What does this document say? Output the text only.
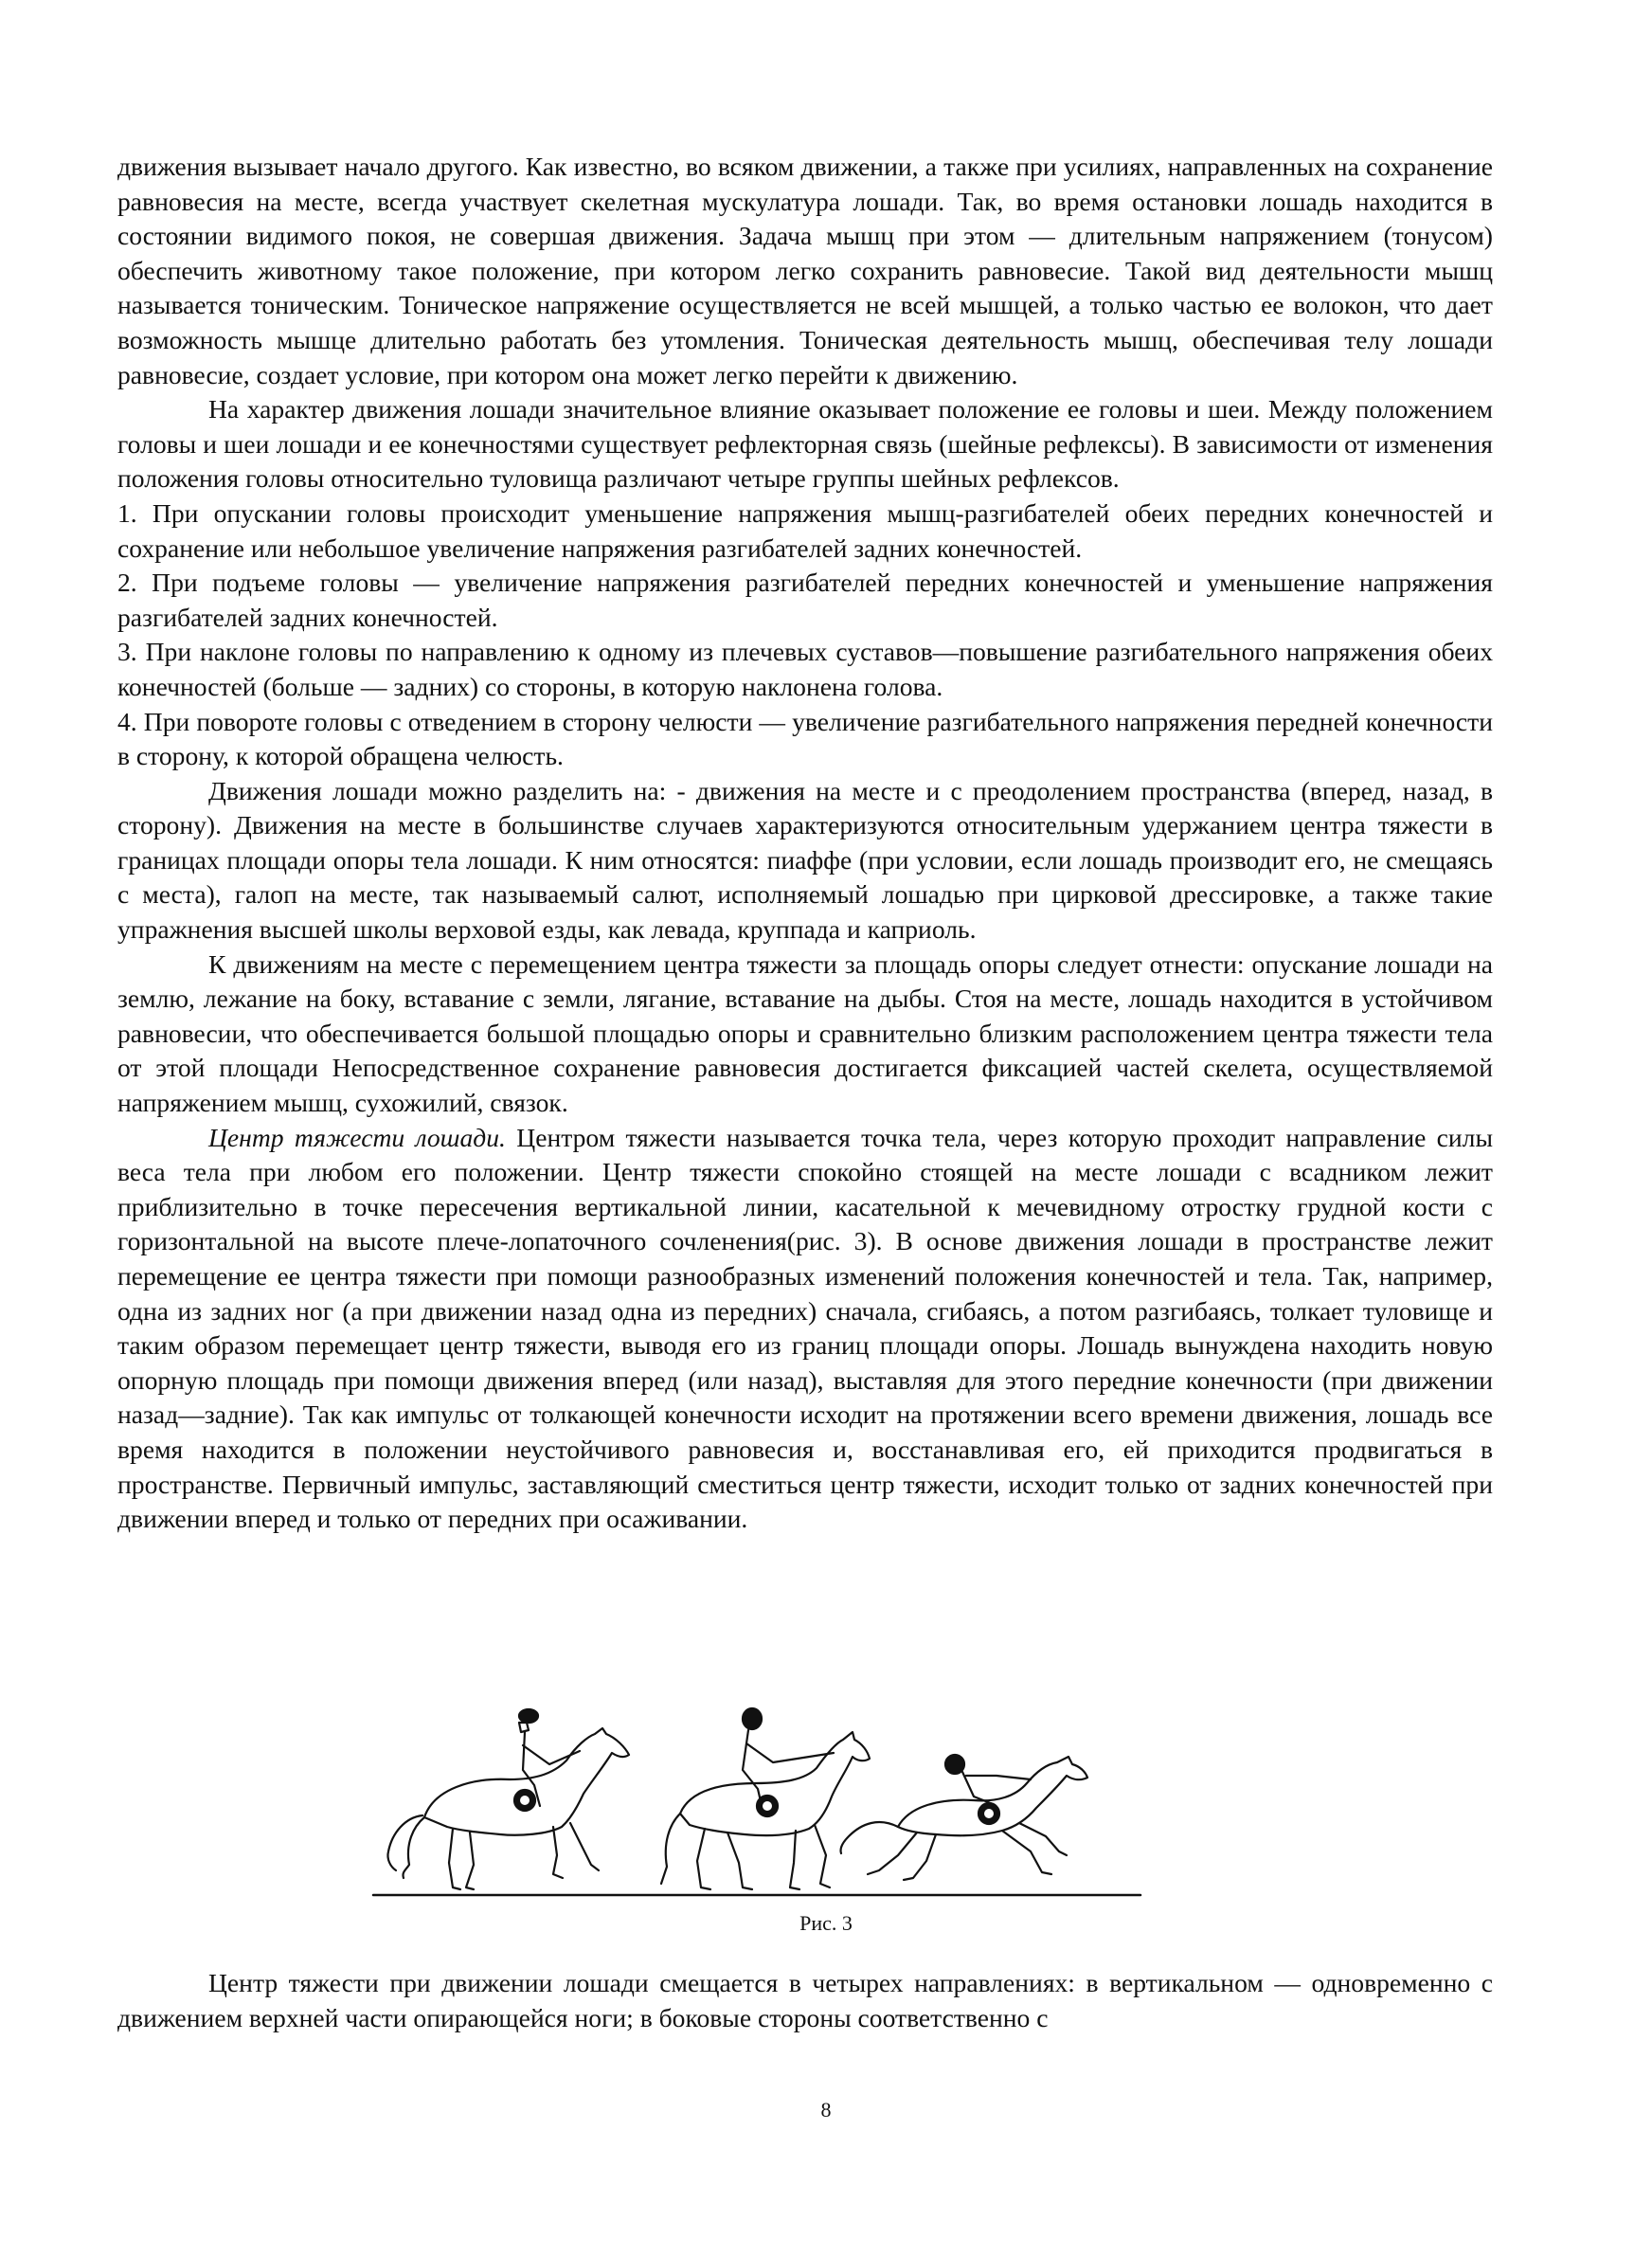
движения вызывает начало другого. Как известно, во всяком движении, а также при усилиях, направленных на сохранение равновесия на месте, всегда участвует скелетная мускулатура лошади. Так, во время остановки лошадь находится в состоянии видимого покоя, не совершая движения. Задача мышц при этом — длительным напряжением (тонусом) обеспечить животному такое положение, при котором легко сохранить равновесие. Такой вид деятельности мышц называется тоническим. Тоническое напряжение осуществляется не всей мышцей, а только частью ее волокон, что дает возможность мышце длительно работать без утомления. Тоническая деятельность мышц, обеспечивая телу лошади равновесие, создает условие, при котором она может легко перейти к движению.

На характер движения лошади значительное влияние оказывает положение ее головы и шеи. Между положением головы и шеи лошади и ее конечностями существует рефлекторная связь (шейные рефлексы). В зависимости от изменения положения головы относительно туловища различают четыре группы шейных рефлексов.

1. При опускании головы происходит уменьшение напряжения мышц-разгибателей обеих передних конечностей и сохранение или небольшое увеличение напряжения разгибателей задних конечностей.

2. При подъеме головы — увеличение напряжения разгибателей передних конечностей и уменьшение напряжения разгибателей задних конечностей.

3. При наклоне головы по направлению к одному из плечевых суставов—повышение разгибательного напряжения обеих конечностей (больше — задних) со стороны, в которую наклонена голова.

4. При повороте головы с отведением в сторону челюсти — увеличение разгибательного напряжения передней конечности в сторону, к которой обращена челюсть.

Движения лошади можно разделить на: - движения на месте и с преодолением пространства (вперед, назад, в сторону). Движения на месте в большинстве случаев характеризуются относительным удержанием центра тяжести в границах площади опоры тела лошади. К ним относятся: пиаффе (при условии, если лошадь производит его, не смещаясь с места), галоп на месте, так называемый салют, исполняемый лошадью при цирковой дрессировке, а также такие упражнения высшей школы верховой езды, как левада, круппада и каприоль.

К движениям на месте с перемещением центра тяжести за площадь опоры следует отнести: опускание лошади на землю, лежание на боку, вставание с земли, лягание, вставание на дыбы. Стоя на месте, лошадь находится в устойчивом равновесии, что обеспечивается большой площадью опоры и сравнительно близким расположением центра тяжести тела от этой площади Непосредственное сохранение равновесия достигается фиксацией частей скелета, осуществляемой напряжением мышц, сухожилий, связок.

Центр тяжести лошади. Центром тяжести называется точка тела, через которую проходит направление силы веса тела при любом его положении. Центр тяжести спокойно стоящей на месте лошади с всадником лежит приблизительно в точке пересечения вертикальной линии, касательной к мечевидному отростку грудной кости с горизонтальной на высоте плече-лопаточного сочленения(рис. 3). В основе движения лошади в пространстве лежит перемещение ее центра тяжести при помощи разнообразных изменений положения конечностей и тела. Так, например, одна из задних ног (а при движении назад одна из передних) сначала, сгибаясь, а потом разгибаясь, толкает туловище и таким образом перемещает центр тяжести, выводя его из границ площади опоры. Лошадь вынуждена находить новую опорную площадь при помощи движения вперед (или назад), выставляя для этого передние конечности (при движении назад—задние). Так как импульс от толкающей конечности исходит на протяжении всего времени движения, лошадь все время находится в положении неустойчивого равновесия и, восстанавливая его, ей приходится продвигаться в пространстве. Первичный импульс, заставляющий сместиться центр тяжести, исходит только от задних конечностей при движении вперед и только от передних при осаживании.

Рис. 3

Центр тяжести при движении лошади смещается в четырех направлениях: в вертикальном — одновременно с движением верхней части опирающейся ноги; в боковые стороны соответственно с

8
